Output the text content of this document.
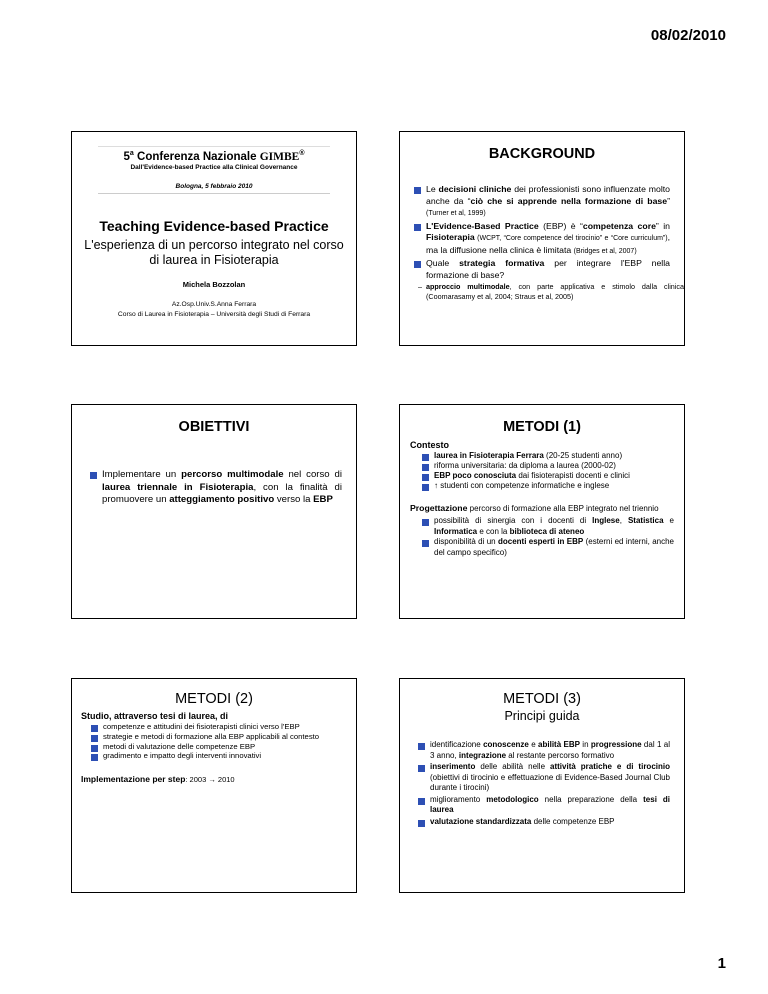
08/02/2010
5$^a$ Conferenza Nazionale GIMBE®
Dall'Evidence-based Practice alla Clinical Governance
Bologna, 5 febbraio 2010
Teaching Evidence-based Practice
L'esperienza di un percorso integrato nel corso di laurea in Fisioterapia
Michela Bozzolan
Az.Osp.Univ.S.Anna Ferrara
Corso di Laurea in Fisioterapia – Università degli Studi di Ferrara
BACKGROUND
Le decisioni cliniche dei professionisti sono influenzate molto anche da “ciò che si apprende nella formazione di base” (Turner et al, 1999)
L'Evidence-Based Practice (EBP) è “competenza core” in Fisioterapia (WCPT, “Core competence del tirocinio” e “Core curriculum”), ma la diffusione nella clinica è limitata (Bridges et al, 2007)
Quale strategia formativa per integrare l'EBP nella formazione di base?
– approccio multimodale, con parte applicativa e stimolo dalla clinica (Coomarasamy et al, 2004; Straus et al, 2005)
OBIETTIVI
Implementare un percorso multimodale nel corso di laurea triennale in Fisioterapia, con la finalità di promuovere un atteggiamento positivo verso la EBP
METODI (1)
Contesto
laurea in Fisioterapia Ferrara (20-25 studenti anno)
riforma universitaria: da diploma a laurea (2000-02)
EBP poco conosciuta dai fisioterapisti docenti e clinici
↑ studenti con competenze informatiche e inglese
Progettazione percorso di formazione alla EBP integrato nel triennio
possibilità di sinergia con i docenti di Inglese, Statistica e Informatica e con la biblioteca di ateneo
disponibilità di un docenti esperti in EBP (esterni ed interni, anche del campo specifico)
METODI (2)
Studio, attraverso tesi di laurea, di
competenze e attitudini dei fisioterapisti clinici verso l'EBP
strategie e metodi di formazione alla EBP applicabili al contesto
metodi di valutazione delle competenze EBP
gradimento e impatto degli interventi innovativi
Implementazione per step: 2003 → 2010
METODI (3)
Principi guida
identificazione conoscenze e abilità EBP in progressione dal 1 al 3 anno, integrazione al restante percorso formativo
inserimento delle abilità nelle attività pratiche e di tirocinio (obiettivi di tirocinio e effettuazione di Evidence-Based Journal Club durante i tirocini)
miglioramento metodologico nella preparazione della tesi di laurea
valutazione standardizzata delle competenze EBP
1
